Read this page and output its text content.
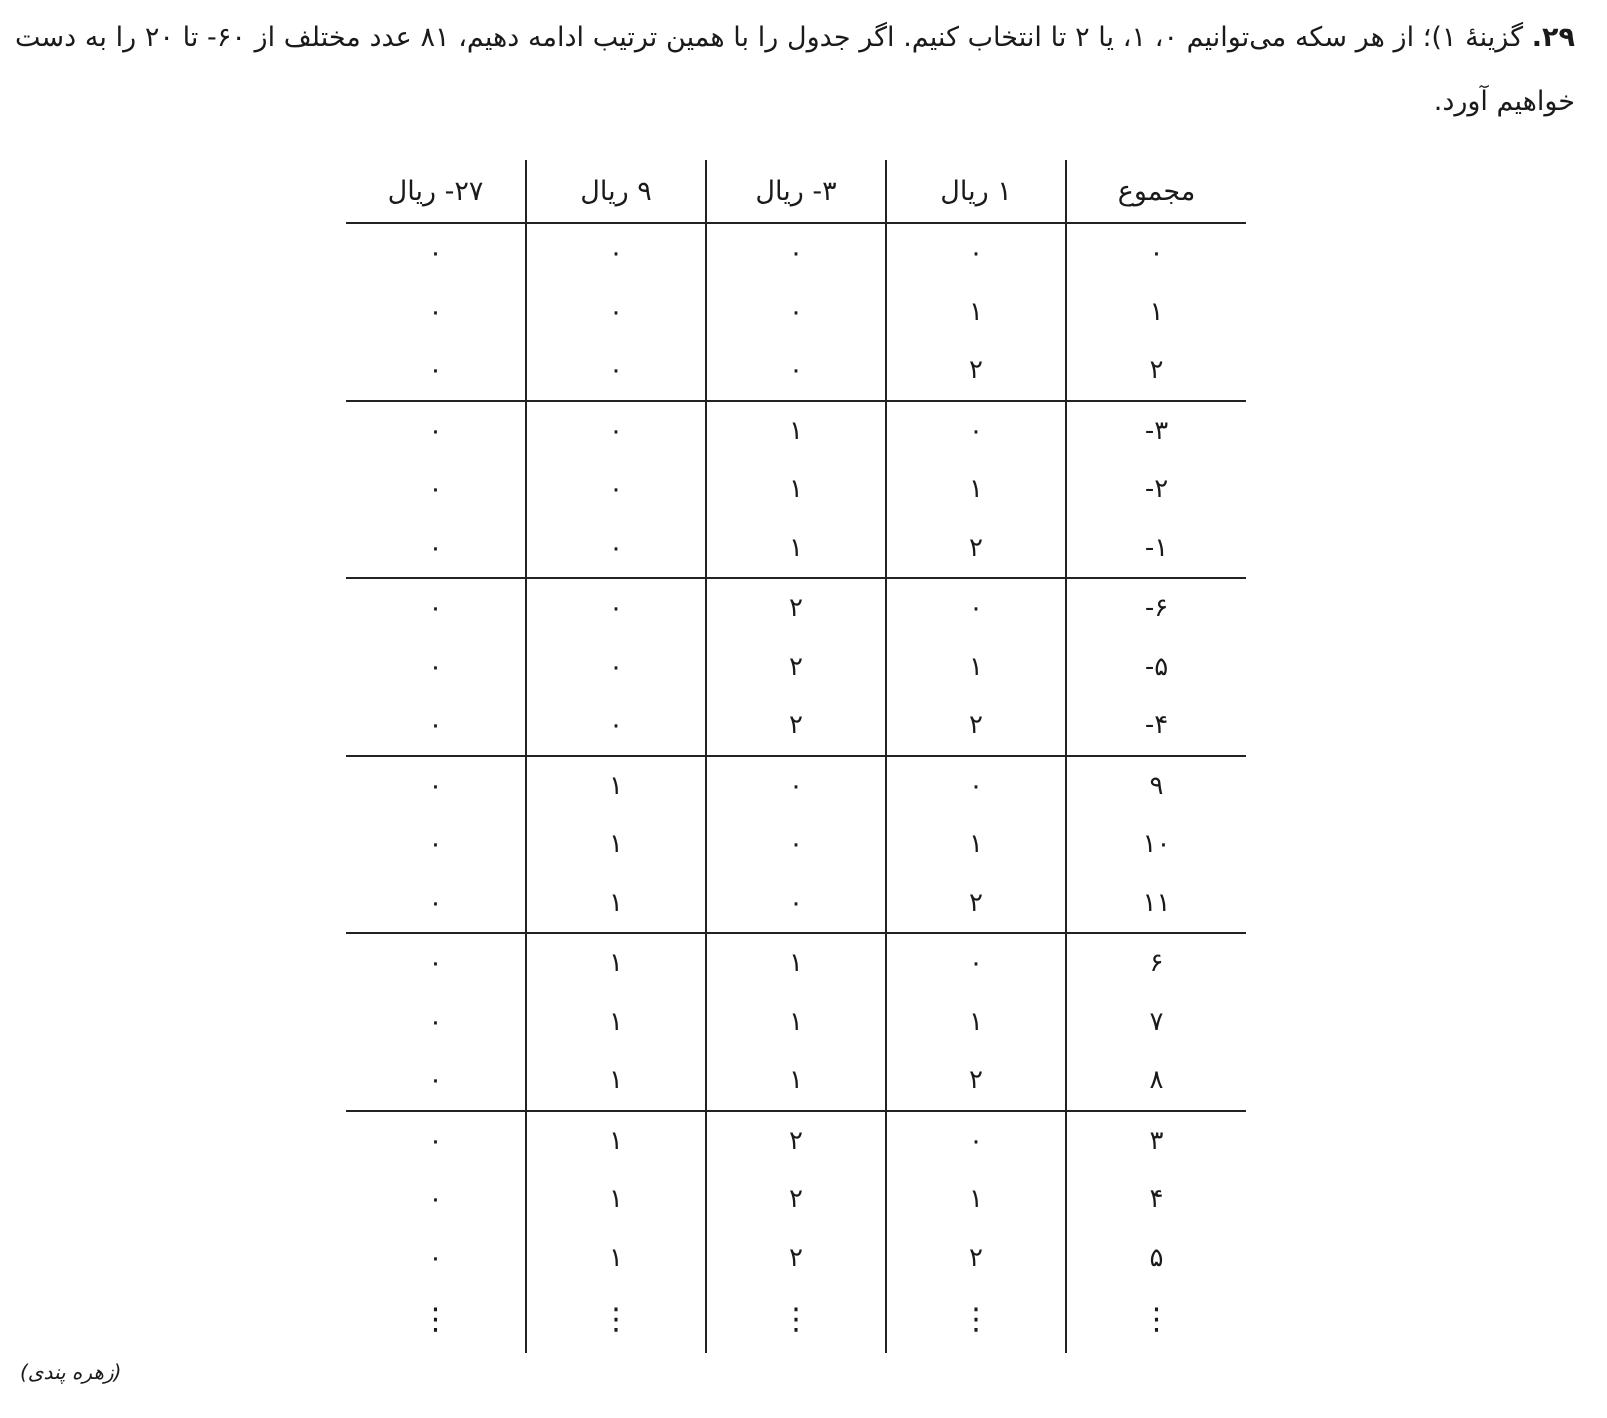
۲۹. گزینهٔ ۱)؛ از هر سکه می‌توانیم ۰، ۱، یا ۲ تا انتخاب کنیم. اگر جدول را با همین ترتیب ادامه دهیم، ۸۱ عدد مختلف از ۶۰- تا ۲۰ را به دست خواهیم آورد.

مجموع	۱ ریال	۳- ریال	۹ ریال	۲۷- ریال
۰	۰	۰	۰	۰
۱	۱	۰	۰	۰
۲	۲	۰	۰	۰
۳-	۰	۱	۰	۰
۲-	۱	۱	۰	۰
۱-	۲	۱	۰	۰
۶-	۰	۲	۰	۰
۵-	۱	۲	۰	۰
۴-	۲	۲	۰	۰
۹	۰	۰	۱	۰
۱۰	۱	۰	۱	۰
۱۱	۲	۰	۱	۰
۶	۰	۱	۱	۰
۷	۱	۱	۱	۰
۸	۲	۱	۱	۰
۳	۰	۲	۱	۰
۴	۱	۲	۱	۰
۵	۲	۲	۱	۰
⋮	⋮	⋮	⋮	⋮
(زهره پندی)
